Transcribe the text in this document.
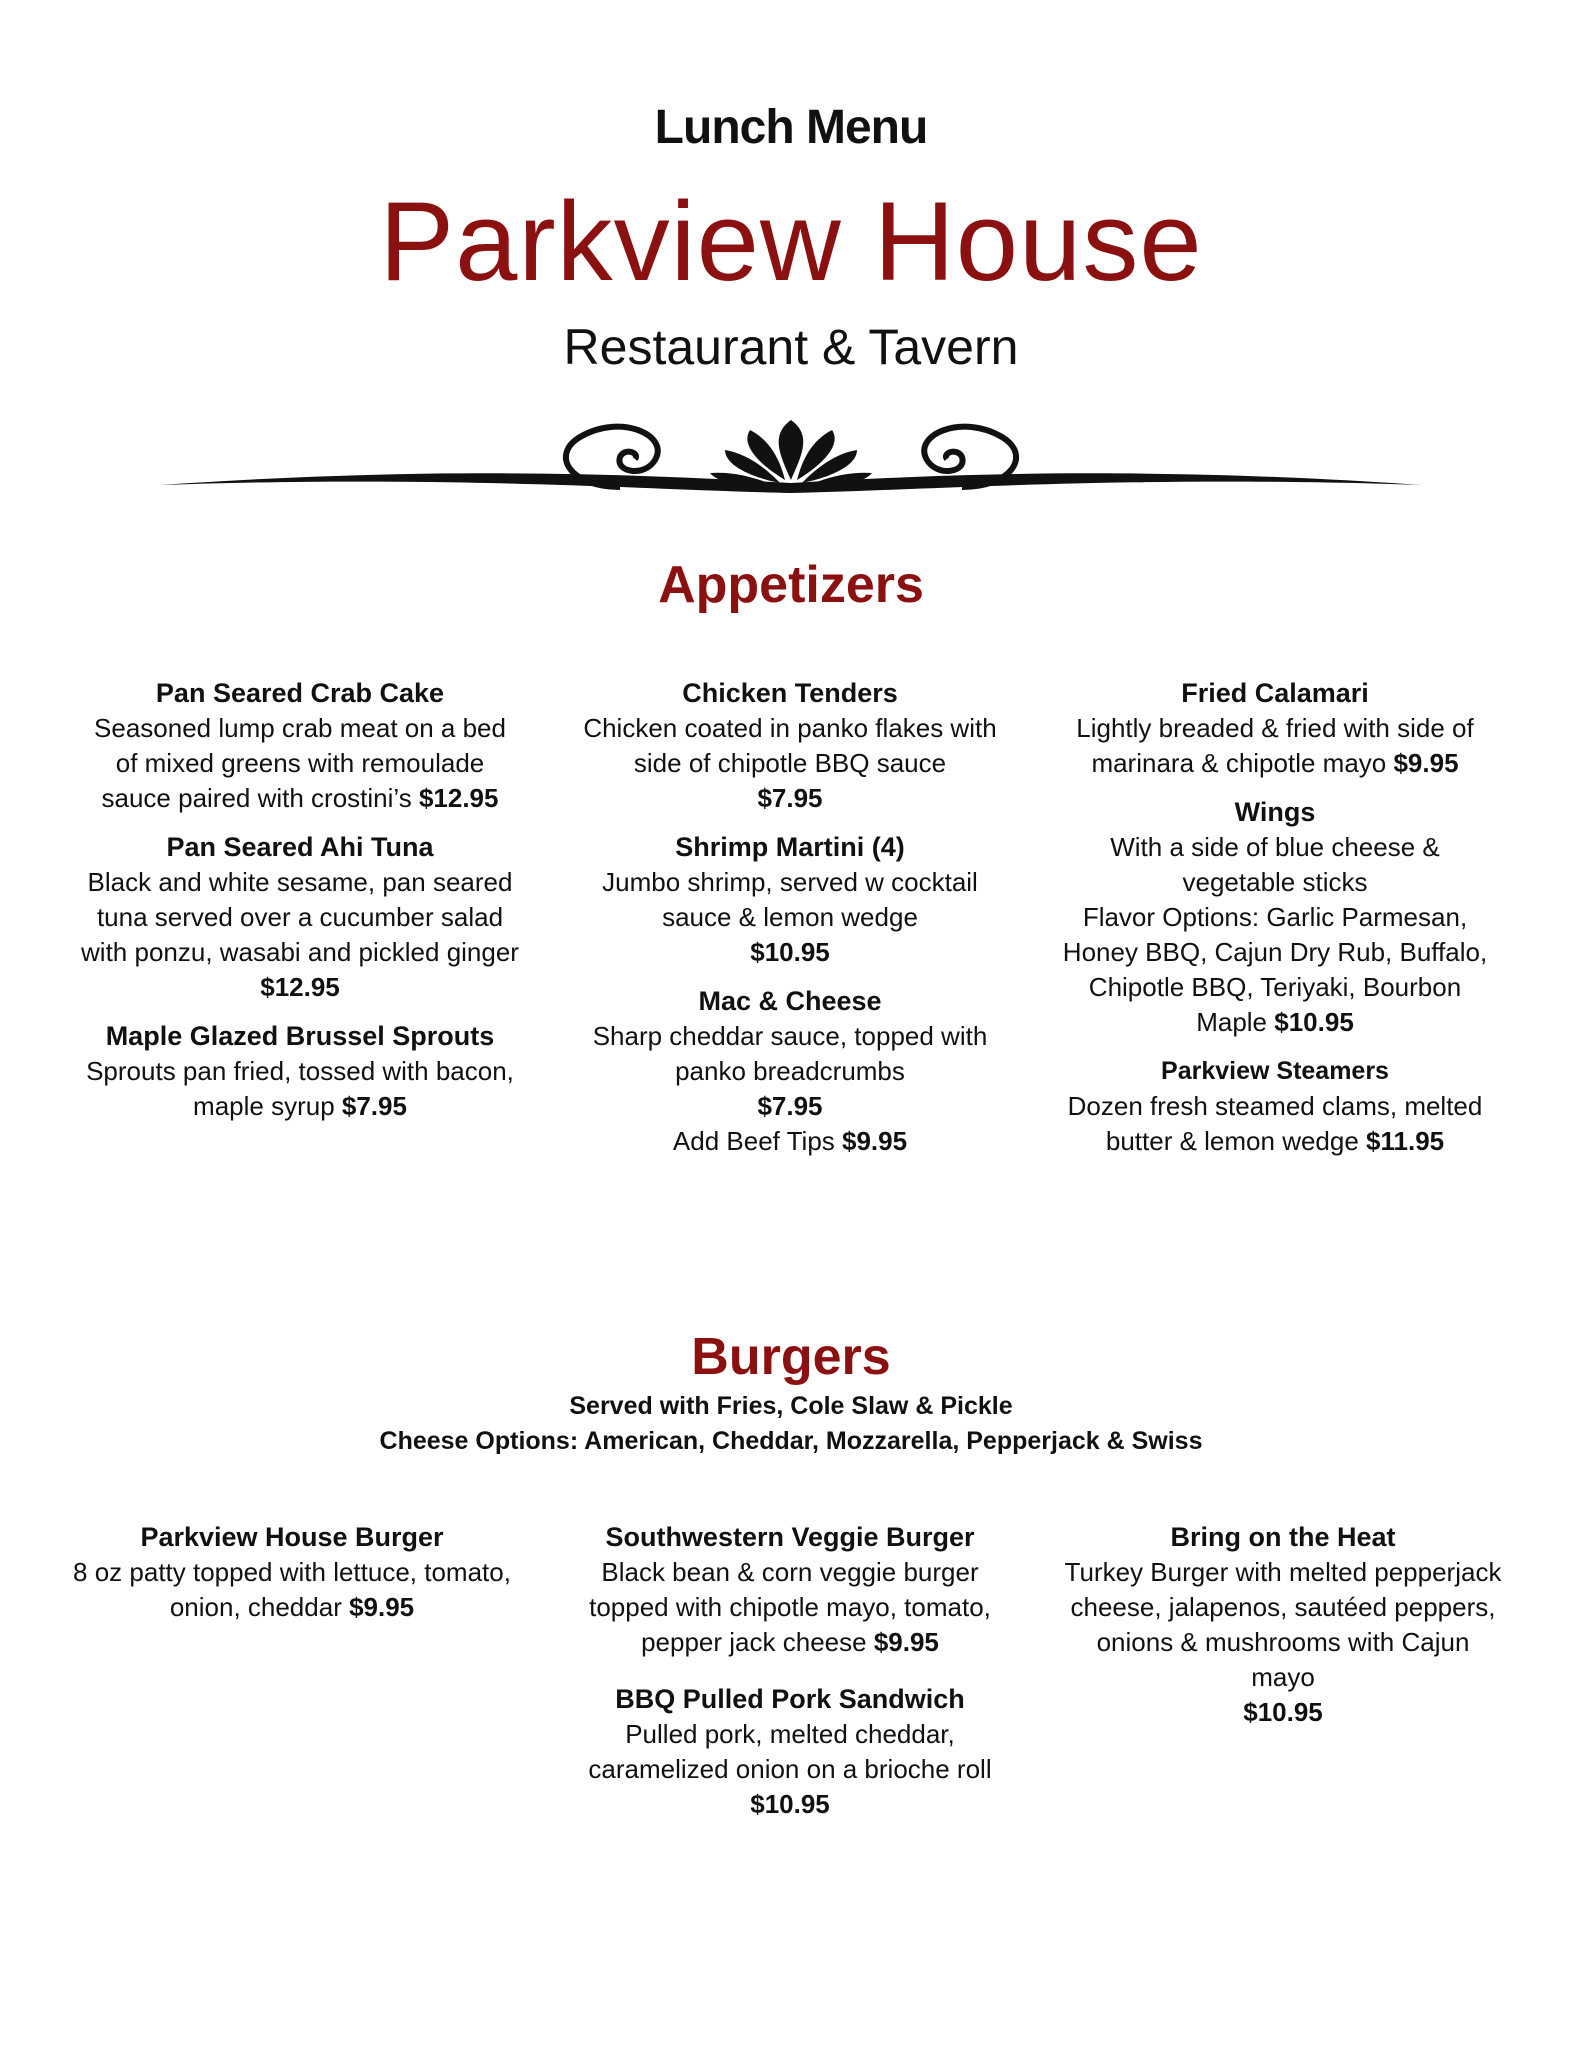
Lunch Menu
Parkview House
Restaurant & Tavern
Appetizers
Pan Seared Crab Cake
Seasoned lump crab meat on a bed of mixed greens with remoulade sauce paired with crostini’s $12.95
Pan Seared Ahi Tuna
Black and white sesame, pan seared tuna served over a cucumber salad with ponzu, wasabi and pickled ginger $12.95
Maple Glazed Brussel Sprouts
Sprouts pan fried, tossed with bacon, maple syrup $7.95
Chicken Tenders
Chicken coated in panko flakes with side of chipotle BBQ sauce
$7.95
Shrimp Martini (4)
Jumbo shrimp, served w cocktail sauce & lemon wedge
$10.95
Mac & Cheese
Sharp cheddar sauce, topped with panko breadcrumbs
$7.95
Add Beef Tips $9.95
Fried Calamari
Lightly breaded & fried with side of marinara & chipotle mayo $9.95
Wings
With a side of blue cheese & vegetable sticks
Flavor Options: Garlic Parmesan, Honey BBQ, Cajun Dry Rub, Buffalo, Chipotle BBQ, Teriyaki, Bourbon Maple $10.95
Parkview Steamers
Dozen fresh steamed clams, melted butter & lemon wedge $11.95
Burgers
Served with Fries, Cole Slaw & Pickle
Cheese Options: American, Cheddar, Mozzarella, Pepperjack & Swiss
Parkview House Burger
8 oz patty topped with lettuce, tomato, onion, cheddar $9.95
Southwestern Veggie Burger
Black bean & corn veggie burger topped with chipotle mayo, tomato, pepper jack cheese $9.95
BBQ Pulled Pork Sandwich
Pulled pork, melted cheddar, caramelized onion on a brioche roll $10.95
Bring on the Heat
Turkey Burger with melted pepperjack cheese, jalapenos, sautéed peppers, onions & mushrooms with Cajun mayo
$10.95
